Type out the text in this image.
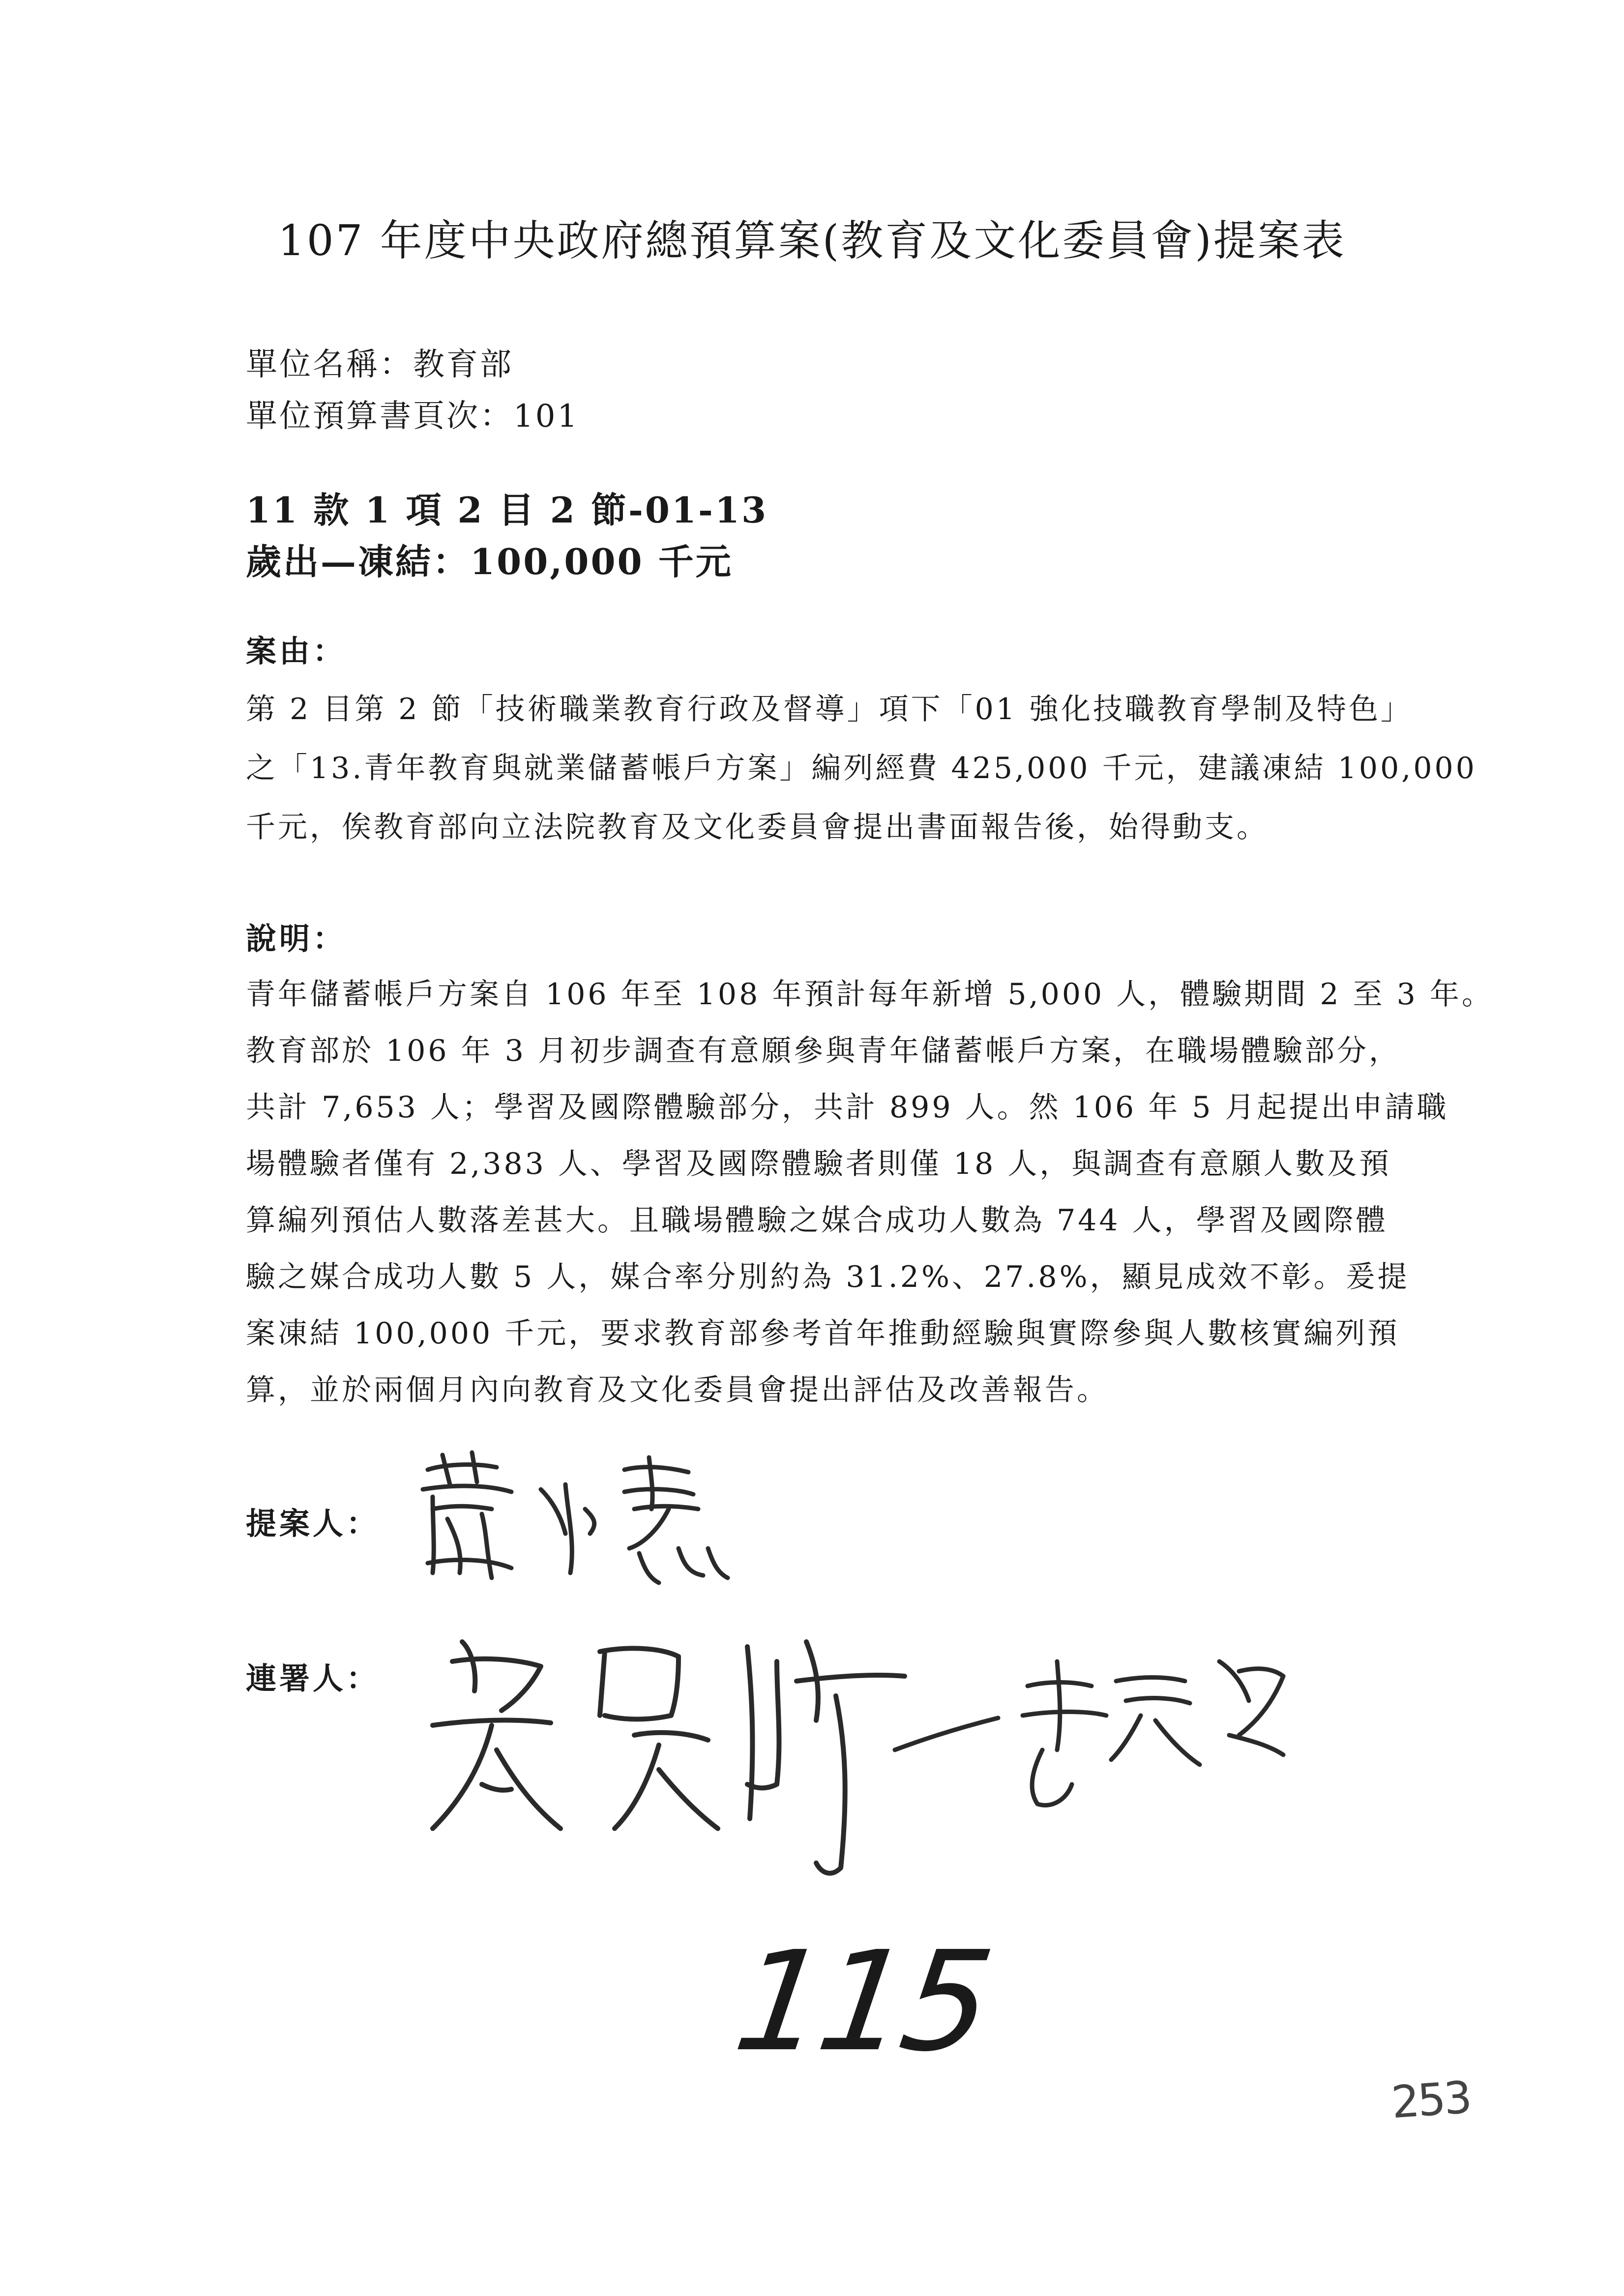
107 年度中央政府總預算案(教育及文化委員會)提案表
單位名稱：教育部
單位預算書頁次：101
11 款 1 項 2 目 2 節-01-13
歲出—凍結：100,000 千元
案由：
第 2 目第 2 節「技術職業教育行政及督導」項下「01 強化技職教育學制及特色」
之「13.青年教育與就業儲蓄帳戶方案」編列經費 425,000 千元，建議凍結 100,000
千元，俟教育部向立法院教育及文化委員會提出書面報告後，始得動支。
說明：
青年儲蓄帳戶方案自 106 年至 108 年預計每年新增 5,000 人，體驗期間 2 至 3 年。
教育部於 106 年 3 月初步調查有意願參與青年儲蓄帳戶方案，在職場體驗部分，
共計 7,653 人；學習及國際體驗部分，共計 899 人。然 106 年 5 月起提出申請職
場體驗者僅有 2,383 人、學習及國際體驗者則僅 18 人，與調查有意願人數及預
算編列預估人數落差甚大。且職場體驗之媒合成功人數為 744 人，學習及國際體
驗之媒合成功人數 5 人，媒合率分別約為 31.2%、27.8%，顯見成效不彰。爰提
案凍結 100,000 千元，要求教育部參考首年推動經驗與實際參與人數核實編列預
算，並於兩個月內向教育及文化委員會提出評估及改善報告。
提案人：
連署人：
115
253
